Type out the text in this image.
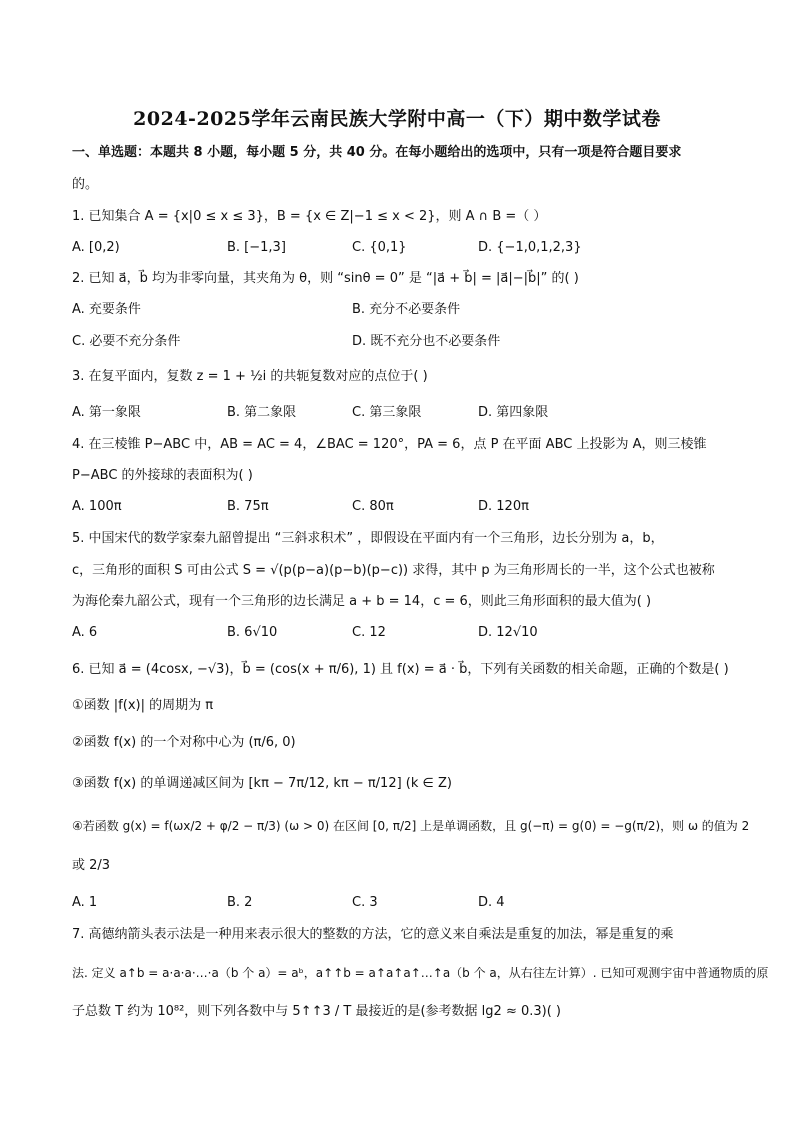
2024-2025学年云南民族大学附中高一（下）期中数学试卷
一、单选题：本题共 8 小题，每小题 5 分，共 40 分。在每小题给出的选项中，只有一项是符合题目要求
的。
1. 已知集合 A = {x|0 ≤ x ≤ 3}，B = {x ∈ Z|−1 ≤ x < 2}，则 A ∩ B =（ ）
A. [0,2)	B. [−1,3]	C. {0,1}	D. {−1,0,1,2,3}
2. 已知 a⃗，b⃗ 均为非零向量，其夹角为 θ，则 “sinθ = 0” 是 “|a⃗ + b⃗| = |a⃗|−|b⃗|” 的( )
A. 充要条件	B. 充分不必要条件
C. 必要不充分条件	D. 既不充分也不必要条件
3. 在复平面内，复数 z = 1 + ½i 的共轭复数对应的点位于( )
A. 第一象限	B. 第二象限	C. 第三象限	D. 第四象限
4. 在三棱锥 P−ABC 中，AB = AC = 4，∠BAC = 120°，PA = 6，点 P 在平面 ABC 上投影为 A，则三棱锥
P−ABC 的外接球的表面积为( )
A. 100π	B. 75π	C. 80π	D. 120π
5. 中国宋代的数学家秦九韶曾提出 “三斜求积术” ，即假设在平面内有一个三角形，边长分别为 a，b，
c，三角形的面积 S 可由公式 S = √(p(p−a)(p−b)(p−c)) 求得，其中 p 为三角形周长的一半，这个公式也被称
为海伦秦九韶公式，现有一个三角形的边长满足 a + b = 14，c = 6，则此三角形面积的最大值为( )
A. 6	B. 6√10	C. 12	D. 12√10
6. 已知 a⃗ = (4cosx, −√3)，b⃗ = (cos(x + π/6), 1) 且 f(x) = a⃗ · b⃗，下列有关函数的相关命题，正确的个数是( )
①函数 |f(x)| 的周期为 π
②函数 f(x) 的一个对称中心为 (π/6, 0)
③函数 f(x) 的单调递减区间为 [kπ − 7π/12, kπ − π/12] (k ∈ Z)
④若函数 g(x) = f(ωx/2 + φ/2 − π/3) (ω > 0) 在区间 [0, π/2] 上是单调函数，且 g(−π) = g(0) = −g(π/2)，则 ω 的值为 2
或 2/3
A. 1	B. 2	C. 3	D. 4
7. 高德纳箭头表示法是一种用来表示很大的整数的方法，它的意义来自乘法是重复的加法，幂是重复的乘
法. 定义 a↑b = a·a·a·…·a（b 个 a）= aᵇ，a↑↑b = a↑a↑a↑…↑a（b 个 a，从右往左计算）. 已知可观测宇宙中普通物质的原
子总数 T 约为 10⁸²，则下列各数中与 5↑↑3 / T 最接近的是(参考数据 lg2 ≈ 0.3)( )
